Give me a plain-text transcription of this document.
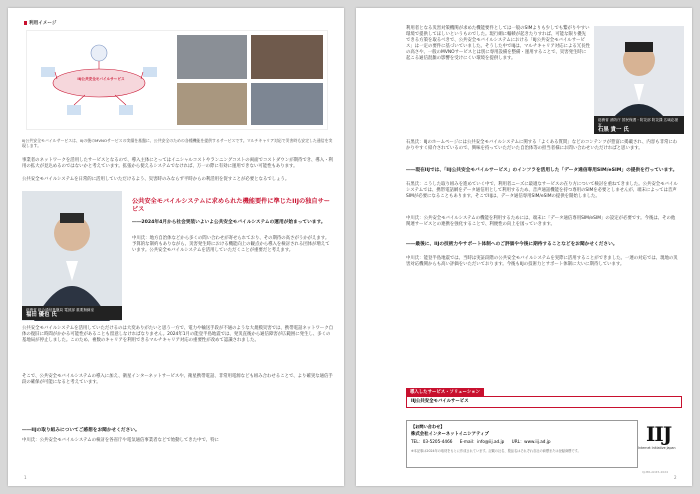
利用イメージ
IIJ公共安全モバイルサービス
IIJ公共安全モバイルサービスは、IIJの後のMVNOサービスの実績を基盤に、公共安全のための各種機能を提供するサービスです。マルチキャリア対応で災害時も安定した通信を実現します。

事業者のネットワークを活用したサービスとなるので、導入主体にとってはイニシャルコストやランニングコストの両面でコストダウンが期待でき、導入・利用の拡大が見込めるのではないかと考えています。拡張から使えるシステムでなければ、万一の際に有効に運用できない可能性もあります。

公共安全モバイルシステムを日常的に活用していただけるよう、災害時のみならず平時からの利活用を促すことが必要となるでしょう。

総務省 総合通信基盤局 電波部 重要無線室
福田 優也 氏
公共安全モバイルシステムに求められた機能要件に準じたIIJの独自サービス
――2024年4月から社会実装いよいよ公共安全モバイルシステムの運用が始まっています。

中川氏：地方自治体などから多くの問い合わせが寄せられており、その期待の高さがうかがえます。予算的な制約もありながら、災害発生時における機能向上の観点から導入を検討される団体が増えています。公共安全モバイルシステムを活用していただくことが重要だと考えます。

公共安全モバイルシステムを活用していただけるのは大変ありがたいと思う一方で、電力や輸送手段が不通のような大規模災害では、携帯電話ネットワーク自体の復旧に時間がかかる可能性があることも留意しなければなりません。2024年1月の能登半島地震では、発災直後から通信障害が広範囲に発生し、多くの基地局が停止しました。このため、複数のキャリアを利用できるマルチキャリア対応の重要性が改めて認識されました。

そこで、公共安全モバイルシステムの導入に加え、衛星インターネットサービスや、衛星携帯電話、非常用電源なども組み合わせることで、より確実な通信手段の確保が可能になると考えています。

――IIJの取り組みについてご感想をお聞かせください。

中川氏：公共安全モバイルシステムの検討を各省庁や電気通信事業者などで始動してきた中で、特に

1

利用者となる災害対策機関が求めた機能要件としては一般のSIMよりも少しでも繋がりやすい環境で提供してほしいというものでした。現行網に輻輳が起きたりすれば、可能な限り優先できる方策を取るべきで、公共安全モバイルシステムにおける「IIJ公共安全モバイルサービス」は一定の要件に基づいていました。そうした中でIIJは、マルチキャリア対応による冗長性の高さや、一般のMVNOサービスとは別に専用設備を整備・運用することで、災害発生時に起こる通信混雑の影響を受けにくい環境を提供します。

総務省 消防庁 国民保護・防災部 防災課 広域応援室
石黒 貴一 氏

石黒氏：IIJのホームページには公共安全モバイルシステムに関する「よくある質問」などのコンテンツが豊富に掲載され、内容も非常にわかりやすく紹介されているので、興味を持っていただいた自治体等の担当者様にお問い合わせいただければと思います。

――現在IIJでは、「IIJ公共安全モバイルサービス」のインフラを活用した「データ通信専用SIM/eSIM」の提供を行っています。

石黒氏：こうした取り組みを進めていく中で、利用者ニーズに最適なサービスの在り方について検討を重ねてきました。公共安全モバイルシステムでは、携帯電話網をデータ通信用として利用するため、音声通話機能を持つ専用のSIMを必要としませんが、端末によっては音声SIMが必要になることもあります。そこでIIJは、データ通信専用SIM/eSIMの提供を開始しました。

中川氏：公共安全モバイルシステムの機能を利用するためには、端末に「データ通信専用SIM/eSIM」の設定が必要です。今後は、その他関連サービスとの連携を強化することで、利便性の向上を図っていきます。

――最後に、IIJの技術力やサポート体制へのご評価や今後に期待することなどをお聞かせください。

中川氏：能登半島地震では、当時は実証段階の公共安全モバイルシステムを実際に活用することができました。一連の対応では、現地の災害対応機関からも高い評価をいただいております。今後もIIJの技術力とサポート体制に大いに期待しています。

導入したサービス・ソリューション
IIJ公共安全モバイルサービス
【お問い合わせ】
株式会社インターネットイニシアティブ
TEL：03-5205-4466 E-mail：info@iij.ad.jp URL：www.iij.ad.jp
※本記事は2024年の取材をもとに作成されています。記載の社名、製品名はそれぞれ各社の商標または登録商標です。
IIJ
Internet Initiative Japan
IIJ-MR-AD45-2024
2
